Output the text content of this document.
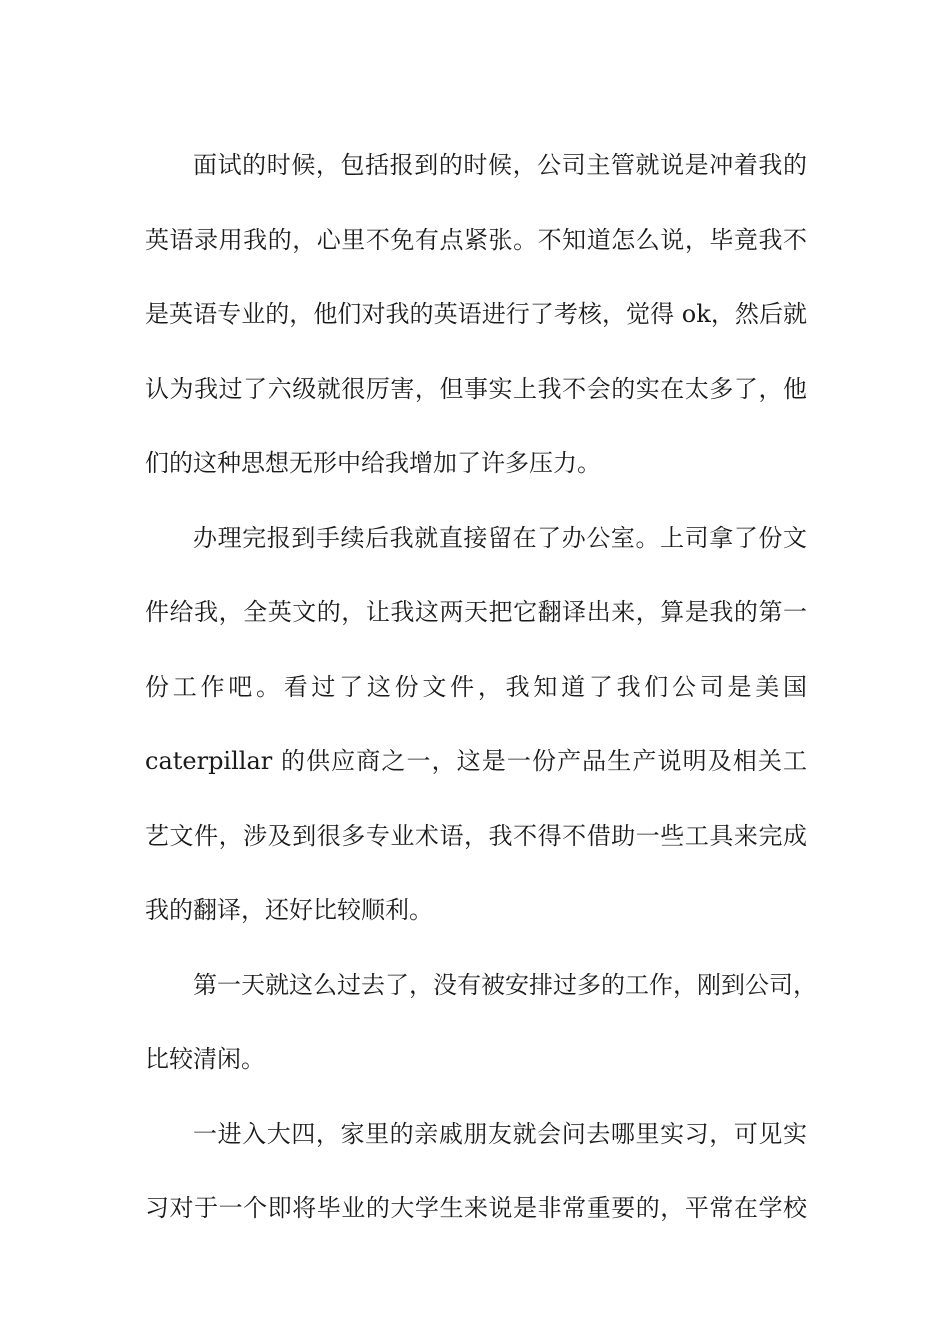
面试的时候，包括报到的时候，公司主管就说是冲着我的
英语录用我的，心里不免有点紧张。不知道怎么说，毕竟我不
是英语专业的，他们对我的英语进行了考核，觉得 ok，然后就
认为我过了六级就很厉害，但事实上我不会的实在太多了，他
们的这种思想无形中给我增加了许多压力。
办理完报到手续后我就直接留在了办公室。上司拿了份文
件给我，全英文的，让我这两天把它翻译出来，算是我的第一
份工作吧。看过了这份文件，我知道了我们公司是美国
caterpillar 的供应商之一，这是一份产品生产说明及相关工
艺文件，涉及到很多专业术语，我不得不借助一些工具来完成
我的翻译，还好比较顺利。
第一天就这么过去了，没有被安排过多的工作，刚到公司，
比较清闲。
一进入大四，家里的亲戚朋友就会问去哪里实习，可见实
习对于一个即将毕业的大学生来说是非常重要的，平常在学校
